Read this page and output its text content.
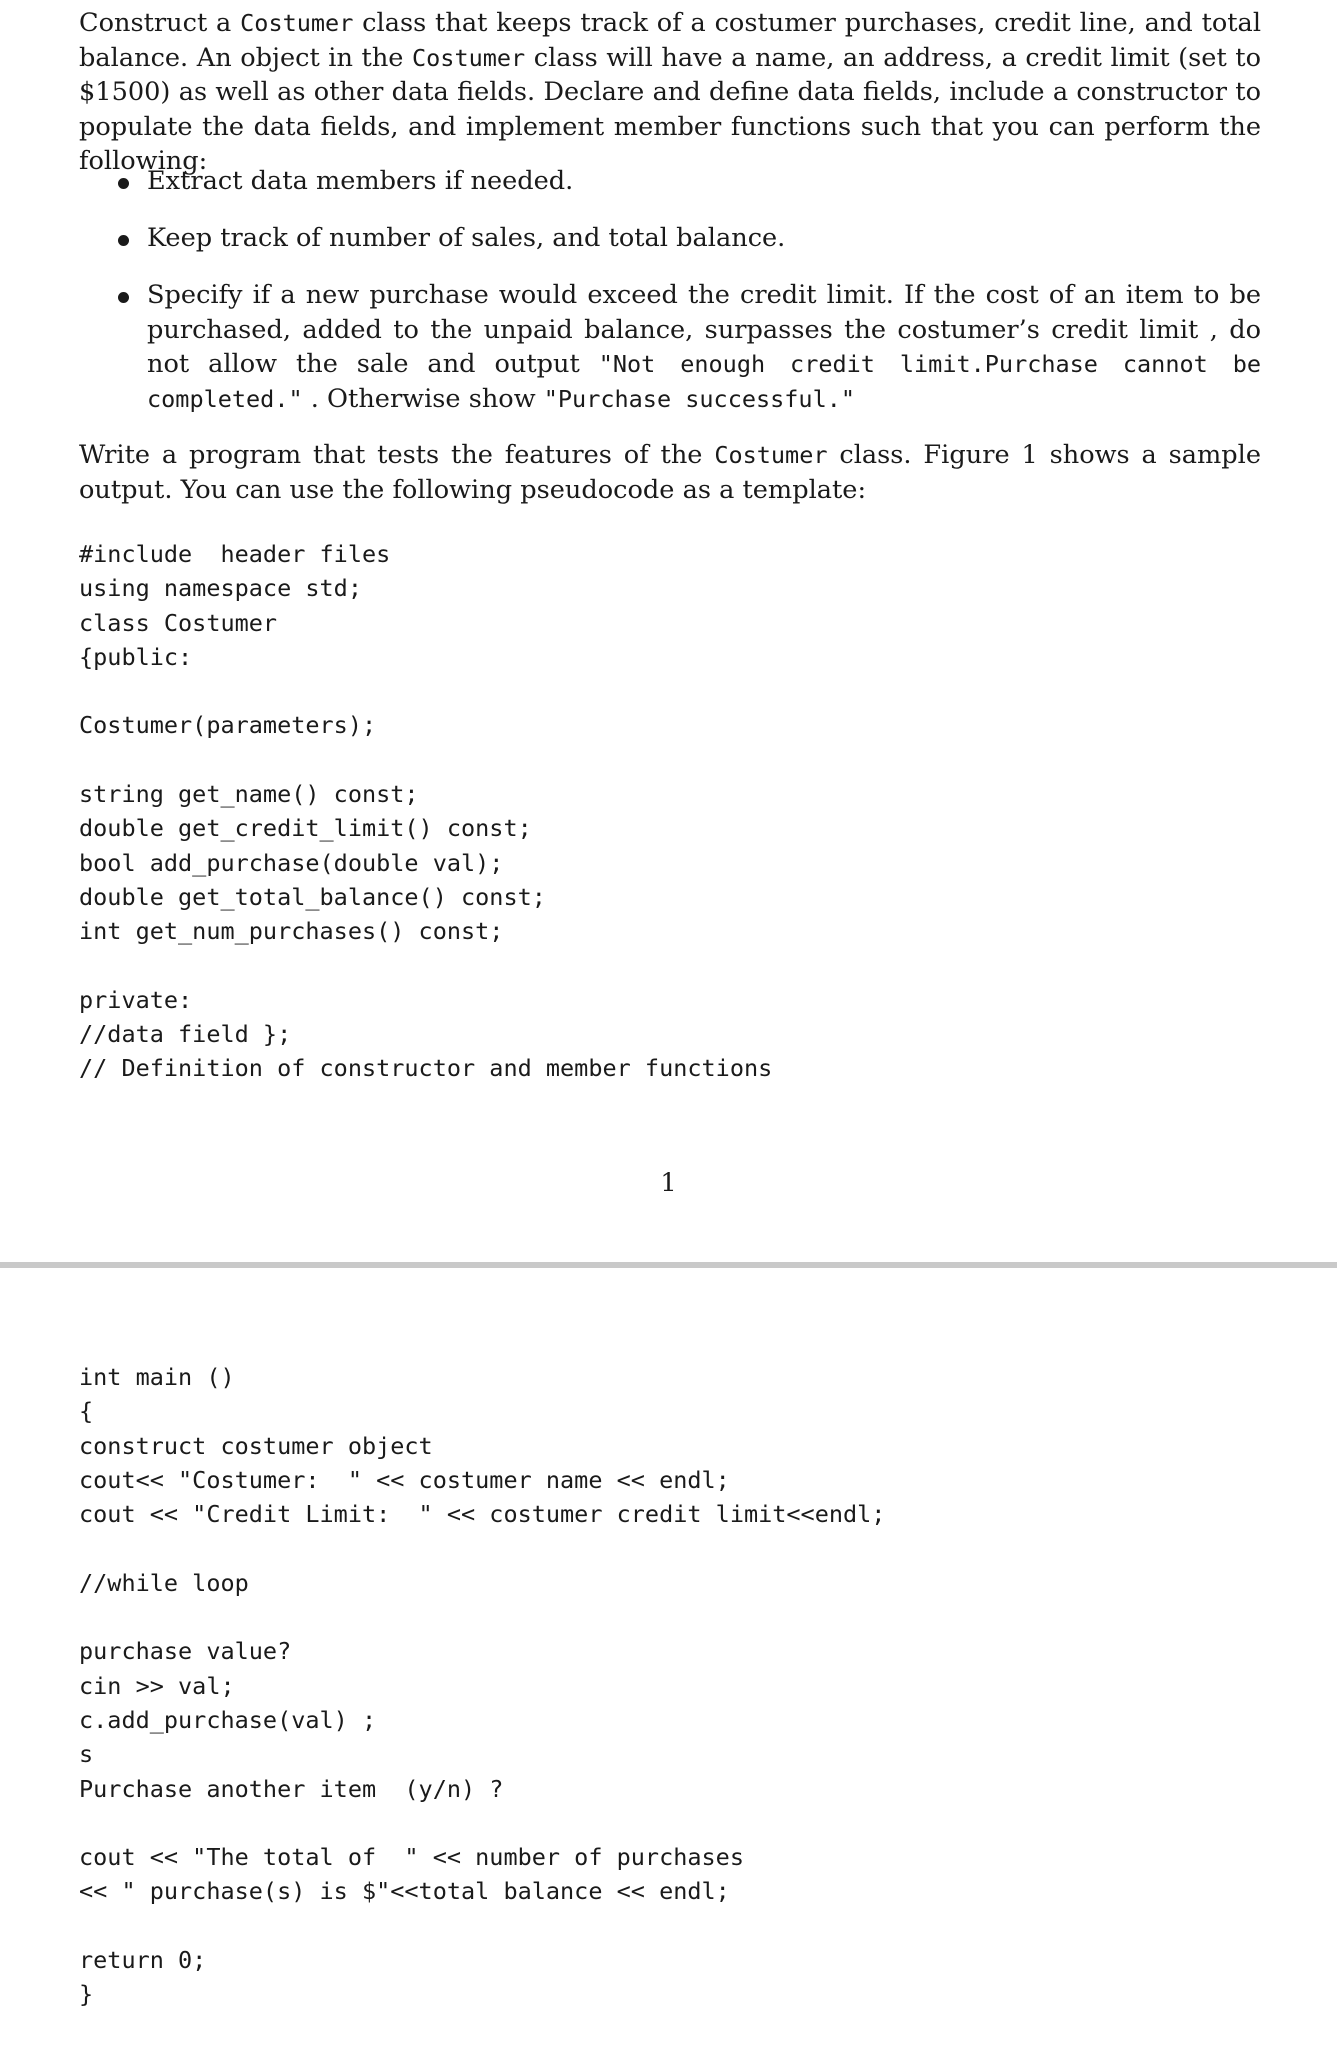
Construct a Costumer class that keeps track of a costumer purchases, credit line, and total balance. An object in the Costumer class will have a name, an address, a credit limit (set to $1500) as well as other data fields. Declare and define data fields, include a constructor to populate the data fields, and implement member functions such that you can perform the following:

Extract data members if needed.
Keep track of number of sales, and total balance.
Specify if a new purchase would exceed the credit limit. If the cost of an item to be purchased, added to the unpaid balance, surpasses the costumer’s credit limit , do not allow the sale and output "Not enough credit limit.Purchase cannot be completed." . Otherwise show "Purchase successful."

Write a program that tests the features of the Costumer class. Figure 1 shows a sample output. You can use the following pseudocode as a template:

#include  header files
using namespace std;
class Costumer
{public:

Costumer(parameters);

string get_name() const;
double get_credit_limit() const;
bool add_purchase(double val);
double get_total_balance() const;
int get_num_purchases() const;

private:
//data field };
// Definition of constructor and member functions
1
int main ()
{
construct costumer object
cout<< "Costumer:  " << costumer name << endl;
cout << "Credit Limit:  " << costumer credit limit<<endl;

//while loop

purchase value?
cin >> val;
c.add_purchase(val) ;
s
Purchase another item  (y/n) ?

cout << "The total of  " << number of purchases
<< " purchase(s) is $"<<total balance << endl;

return 0;
}
